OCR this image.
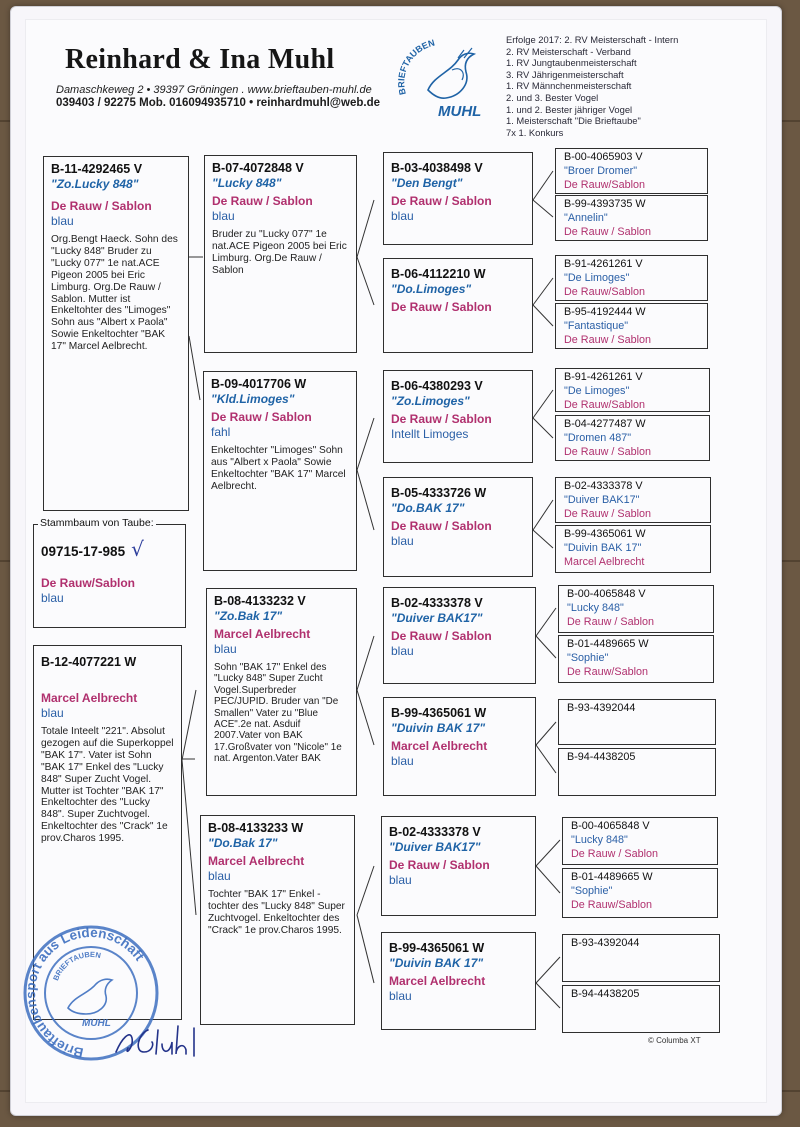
Reinhard & Ina Muhl
Damaschkeweg 2 • 39397 Gröningen . www.brieftauben-muhl.de
039403 / 92275 Mob. 016094935710 • reinhardmuhl@web.de
BRIEFTAUBEN
MUHL
Erfolge 2017: 2. RV Meisterschaft - Intern
2. RV Meisterschaft - Verband
1. RV Jungtaubenmeisterschaft
3. RV Jährigenmeisterschaft
1. RV Männchenmeisterschaft
2. und 3. Bester Vogel
1. und 2. Bester jähriger Vogel
1. Meisterschaft "Die Brieftaube"
7x 1. Konkurs
B-11-4292465 V
"Zo.Lucky 848"
De Rauw / Sablon
blau
Org.Bengt Haeck. Sohn des "Lucky 848" Bruder zu "Lucky 077" 1e nat.ACE Pigeon 2005 bei Eric Limburg. Org.De Rauw / Sablon. Mutter ist Enkeltohter des "Limoges" Sohn aus "Albert x Paola" Sowie Enkeltochter "BAK 17" Marcel Aelbrecht.
09715-17-985 √
De Rauw/Sablon
blau
Stammbaum von Taube:
B-12-4077221 W
Marcel Aelbrecht
blau
Totale Inteelt "221". Absolut gezogen auf die Superkoppel "BAK 17". Vater ist Sohn "BAK 17" Enkel des "Lucky 848" Super Zucht Vogel. Mutter ist Tochter "BAK 17" Enkeltochter des "Lucky 848". Super Zuchtvogel. Enkeltochter des "Crack" 1e prov.Charos 1995.
B-07-4072848 V
"Lucky 848"
De Rauw / Sablon
blau
Bruder zu "Lucky 077" 1e nat.ACE Pigeon 2005 bei Eric Limburg. Org.De Rauw / Sablon
B-09-4017706 W
"Kld.Limoges"
De Rauw / Sablon
fahl
Enkeltochter "Limoges" Sohn aus "Albert x Paola" Sowie Enkeltochter "BAK 17" Marcel Aelbrecht.
B-08-4133232 V
"Zo.Bak 17"
Marcel Aelbrecht
blau
Sohn "BAK 17" Enkel des "Lucky 848" Super Zucht Vogel.Superbreder PEC/JUPID. Bruder van "De Smallen" Vater zu "Blue ACE".2e nat. Asduif 2007.Vater von BAK 17.Großvater von "Nicole" 1e nat. Argenton.Vater BAK
B-08-4133233 W
"Do.Bak 17"
Marcel Aelbrecht
blau
Tochter "BAK 17" Enkel - tochter des "Lucky 848" Super Zuchtvogel. Enkeltochter des "Crack" 1e prov.Charos 1995.
B-03-4038498 V
"Den Bengt"
De Rauw / Sablon
blau
B-06-4112210 W
"Do.Limoges"
De Rauw / Sablon
B-06-4380293 V
"Zo.Limoges"
De Rauw / Sablon
Intellt Limoges
B-05-4333726 W
"Do.BAK 17"
De Rauw / Sablon
blau
B-02-4333378 V
"Duiver BAK17"
De Rauw / Sablon
blau
B-99-4365061 W
"Duivin BAK 17"
Marcel Aelbrecht
blau
B-02-4333378 V
"Duiver BAK17"
De Rauw / Sablon
blau
B-99-4365061 W
"Duivin BAK 17"
Marcel Aelbrecht
blau
B-00-4065903 V
"Broer Dromer"
De Rauw/Sablon
B-99-4393735 W
"Annelin"
De Rauw / Sablon
B-91-4261261 V
"De Limoges"
De Rauw/Sablon
B-95-4192444 W
"Fantastique"
De Rauw / Sablon
B-91-4261261 V
"De Limoges"
De Rauw/Sablon
B-04-4277487 W
"Dromen 487"
De Rauw / Sablon
B-02-4333378 V
"Duiver BAK17"
De Rauw / Sablon
B-99-4365061 W
"Duivin BAK 17"
Marcel Aelbrecht
B-00-4065848 V
"Lucky 848"
De Rauw / Sablon
B-01-4489665 W
"Sophie"
De Rauw/Sablon
B-93-4392044
B-94-4438205
B-00-4065848 V
"Lucky 848"
De Rauw / Sablon
B-01-4489665 W
"Sophie"
De Rauw/Sablon
B-93-4392044
B-94-4438205
© Columba XT
Brieftaubensport aus Leidenschaft
BRIEFTAUBEN
MUHL
